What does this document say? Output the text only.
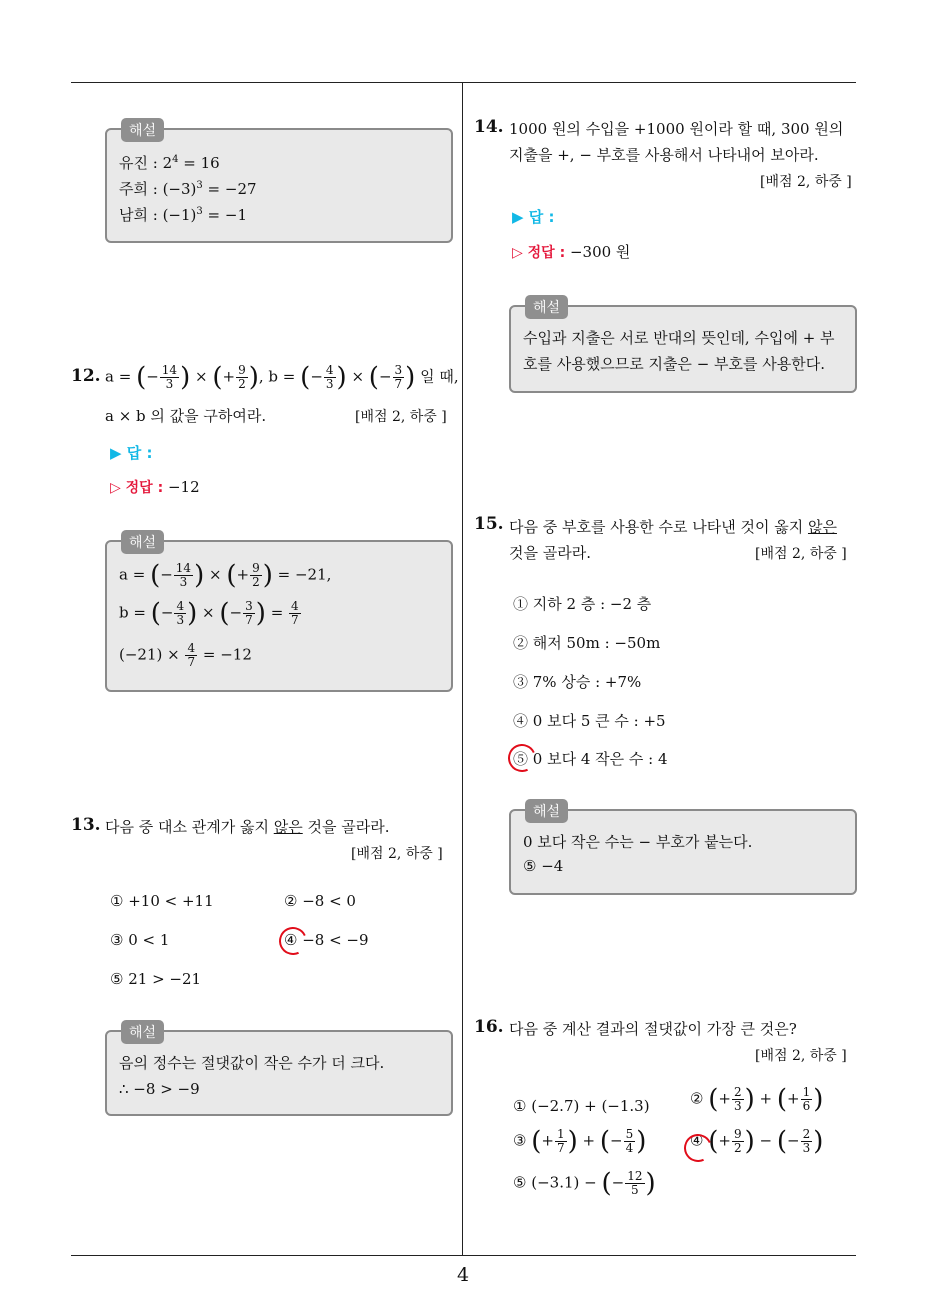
4
해설
유진 : $2^4 = 16$
주희 : $(-3)^3 = -27$
남희 : $(-1)^3 = -1$
12. a = (− $\frac{14}{3}$ ) × (+ $\frac{9}{2}$ ), b = (− $\frac{4}{3}$ ) × (− $\frac{3}{7}$ ) 일 때,
a × b 의 값을 구하여라.	[배점 2, 하중 ]
▶ 답 :
▷ 정답 : −12
해설
a = (− $\frac{14}{3}$ ) × (+ $\frac{9}{2}$ ) = −21,
b = (− $\frac{4}{3}$ ) × (− $\frac{3}{7}$ ) = $\frac{4}{7}$
$(-21) \times \frac{4}{7} = -12$
13. 다음 중 대소 관계가 옳지 않은 것을 골라라.
[배점 2, 하중 ]
① +10 < +11	② −8 < 0
③ 0 < 1	④ −8 < −9
⑤ 21 > −21
해설
음의 정수는 절댓값이 작은 수가 더 크다.
∴ −8 > −9
14. 1000 원의 수입을 +1000 원이라 할 때, 300 원의
지출을 +, − 부호를 사용해서 나타내어 보아라.
[배점 2, 하중 ]
▶ 답 :
▷ 정답 : −300 원
해설
수입과 지출은 서로 반대의 뜻인데, 수입에 + 부
호를 사용했으므로 지출은 − 부호를 사용한다.
15. 다음 중 부호를 사용한 수로 나타낸 것이 옳지 않은
것을 골라라.	[배점 2, 하중 ]
① 지하 2 층 : −2 층
② 해저 50m : −50m
③ 7% 상승 : +7%
④ 0 보다 5 큰 수 : +5
⑤ 0 보다 4 작은 수 : 4
해설
0 보다 작은 수는 − 부호가 붙는다.
⑤ −4
16. 다음 중 계산 결과의 절댓값이 가장 큰 것은?
[배점 2, 하중 ]
① (−2.7) + (−1.3)	② (+ $\frac{2}{3}$ ) + (+ $\frac{1}{6}$ )
③ (+ $\frac{1}{7}$ ) + (− $\frac{5}{4}$ )	④ (+ $\frac{9}{2}$ ) − (− $\frac{2}{3}$ )
⑤ (−3.1) − (− $\frac{12}{5}$ )
